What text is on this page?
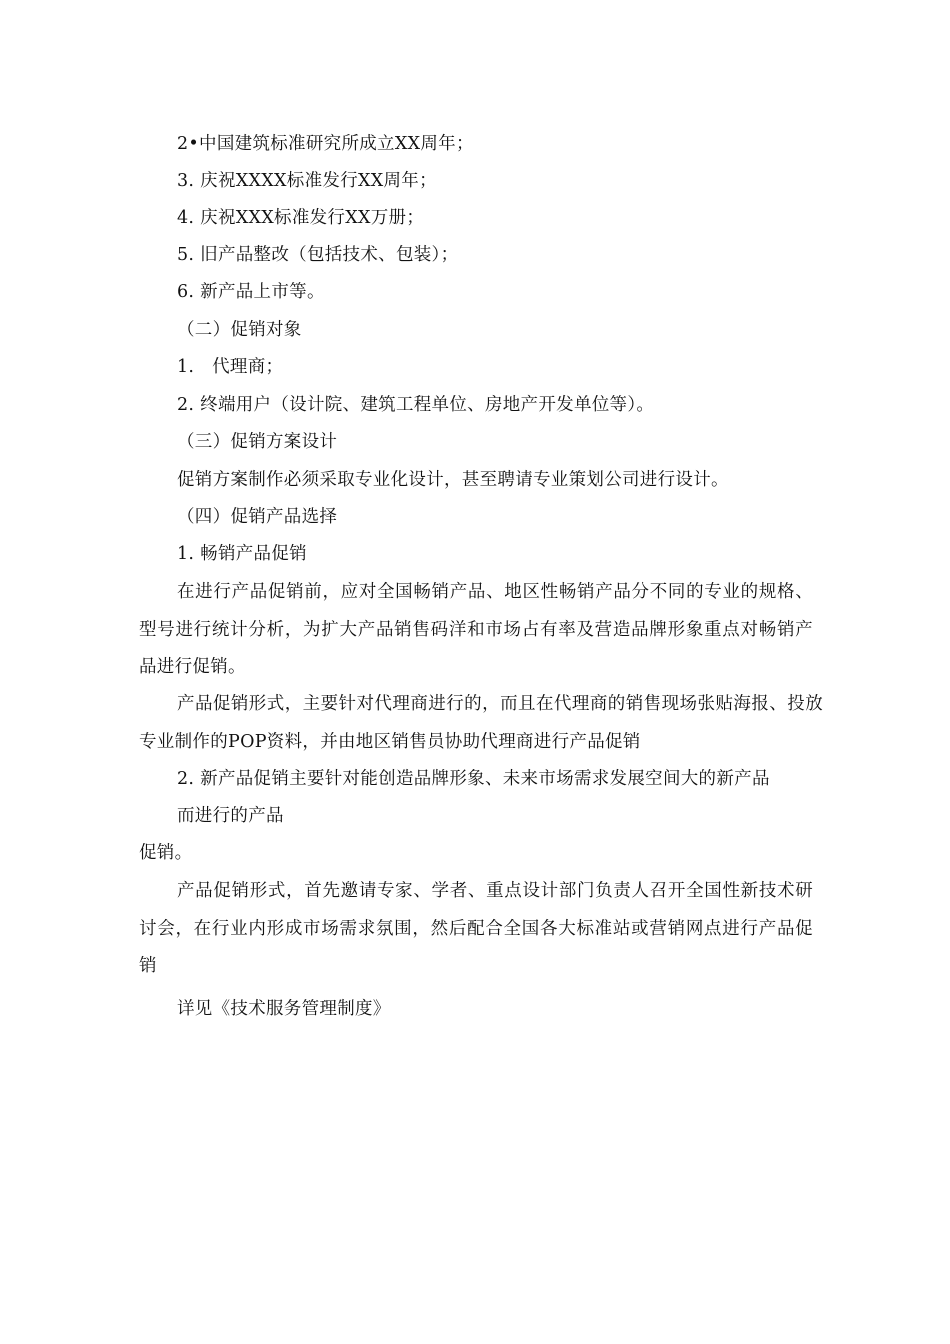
2•中国建筑标准研究所成立XX周年；
3. 庆祝XXXX标准发行XX周年；
4. 庆祝XXX标准发行XX万册；
5. 旧产品整改（包括技术、包装）；
6. 新产品上市等。
（二）促销对象
1.　代理商；
2. 终端用户（设计院、建筑工程单位、房地产开发单位等）。
（三）促销方案设计
促销方案制作必须采取专业化设计，甚至聘请专业策划公司进行设计。
（四）促销产品选择
1. 畅销产品促销
在进行产品促销前，应对全国畅销产品、地区性畅销产品分不同的专业的规格、型号进行统计分析，为扩大产品销售码洋和市场占有率及营造品牌形象重点对畅销产品进行促销。
产品促销形式，主要针对代理商进行的，而且在代理商的销售现场张贴海报、投放专业制作的POP资料，并由地区销售员协助代理商进行产品促销
2. 新产品促销主要针对能创造品牌形象、未来市场需求发展空间大的新产品
而进行的产品
促销。
产品促销形式，首先邀请专家、学者、重点设计部门负责人召开全国性新技术研讨会，在行业内形成市场需求氛围，然后配合全国各大标准站或营销网点进行产品促销
详见《技术服务管理制度》
